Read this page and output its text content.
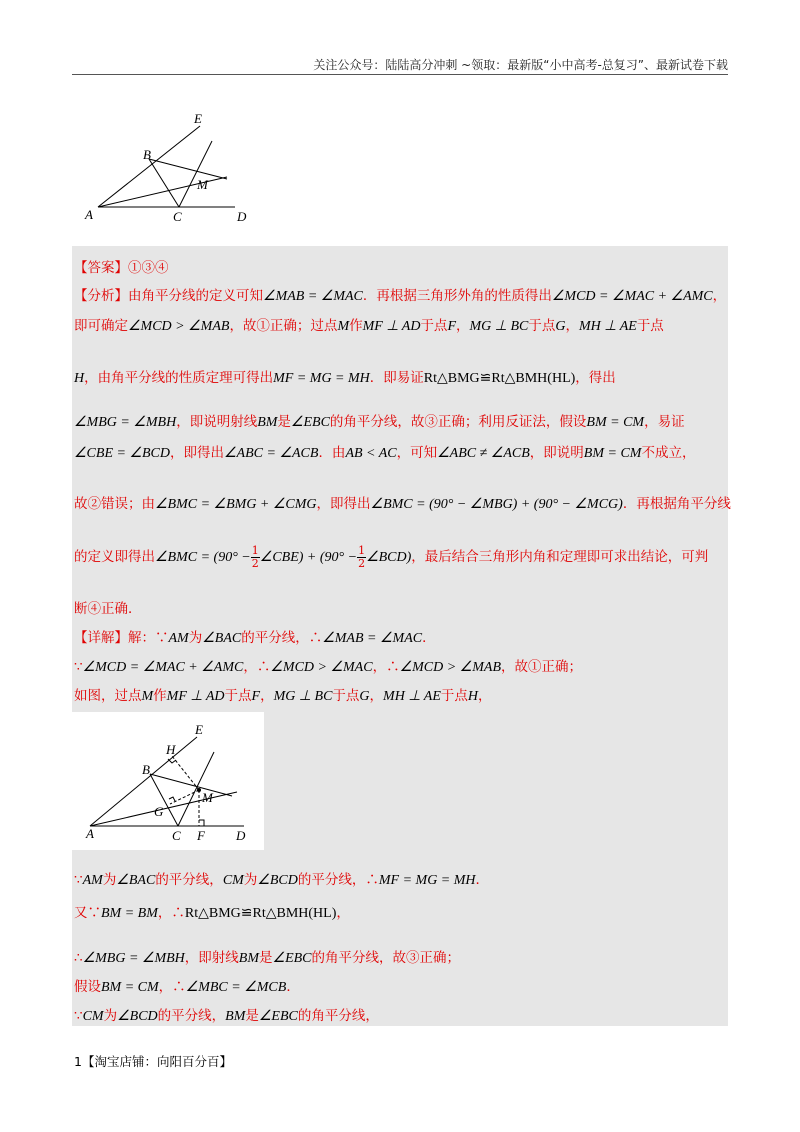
关注公众号：陆陆高分冲刺 ~领取：最新版“小中高考-总复习”、最新试卷下载
E
B
M
A	C	D
【答案】①③④
【分析】由角平分线的定义可知∠MAB = ∠MAC．再根据三角形外角的性质得出∠MCD = ∠MAC + ∠AMC，
即可确定∠MCD > ∠MAB，故①正确；过点M作MF ⊥ AD于点F，MG ⊥ BC于点G，MH ⊥ AE于点
H，由角平分线的性质定理可得出MF = MG = MH．即易证Rt△BMG≌Rt△BMH(HL)，得出
∠MBG = ∠MBH，即说明射线BM是∠EBC的角平分线，故③正确；利用反证法，假设BM = CM，易证
∠CBE = ∠BCD，即得出∠ABC = ∠ACB．由AB < AC，可知∠ABC ≠ ∠ACB，即说明BM = CM不成立，
故②错误；由∠BMC = ∠BMG + ∠CMG，即得出∠BMC = (90° − ∠MBG) + (90° − ∠MCG)．再根据角平分线
的定义即得出∠BMC = ($90^\circ - \frac{1}{2}$ ∠CBE) + ($90^\circ - \frac{1}{2}$ ∠BCD)，最后结合三角形内角和定理即可求出结论，可判
断④正确．
【详解】解：∵AM为∠BAC的平分线，∴∠MAB = ∠MAC．
∵∠MCD = ∠MAC + ∠AMC，∴∠MCD > ∠MAC，∴∠MCD > ∠MAB，故①正确；
如图，过点M作MF ⊥ AD于点F，MG ⊥ BC于点G，MH ⊥ AE于点H，
E
H
B
M
G
A	C F D
∵AM为∠BAC的平分线，CM为∠BCD的平分线，∴MF = MG = MH．
又∵BM = BM，∴Rt△BMG≌Rt△BMH(HL)，
∴∠MBG = ∠MBH，即射线BM是∠EBC的角平分线，故③正确；
假设BM = CM，∴∠MBC = ∠MCB．
∵CM为∠BCD的平分线，BM是∠EBC的角平分线，
1【淘宝店铺：向阳百分百】
